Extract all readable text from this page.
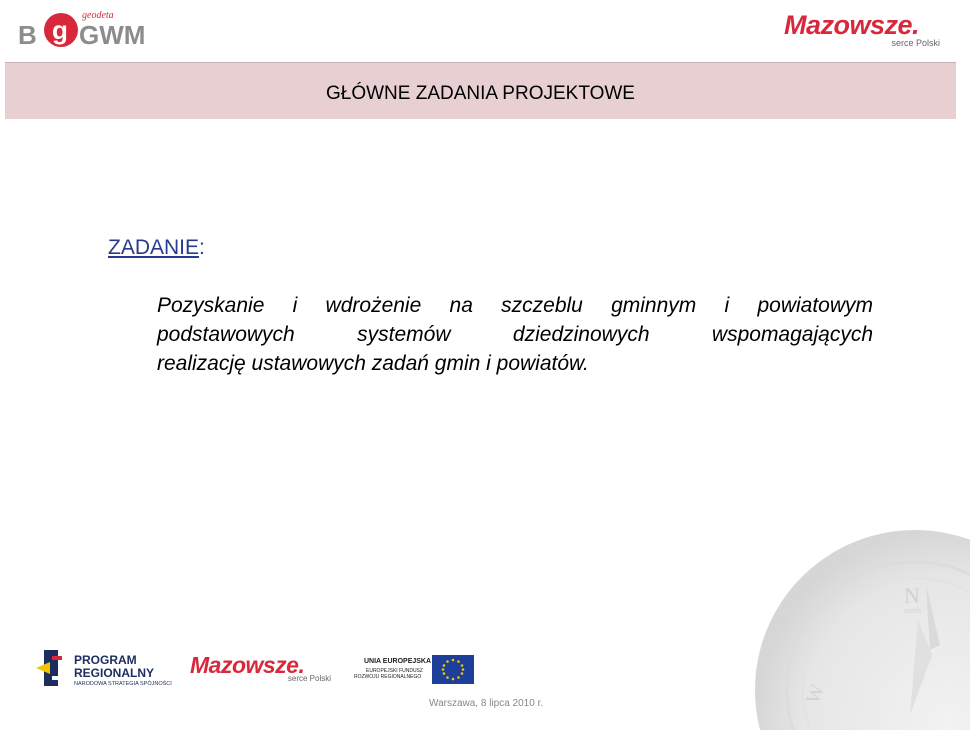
B g GWM
geodeta	Mazowsze.
serce Polski
GŁÓWNE ZADANIA PROJEKTOWE
ZADANIE:
Pozyskanie i wdrożenie na szczeblu gminnym i powiatowym
podstawowych systemów dziedzinowych wspomagających
realizację ustawowych zadań gmin i powiatów.
N
north
W
PROGRAM
REGIONALNY
NARODOWA STRATEGIA SPÓJNOŚCI
Mazowsze.
serce Polski
UNIA EUROPEJSKA
EUROPEJSKI FUNDUSZ
ROZWOJU REGIONALNEGO
Warszawa, 8 lipca 2010 r.
